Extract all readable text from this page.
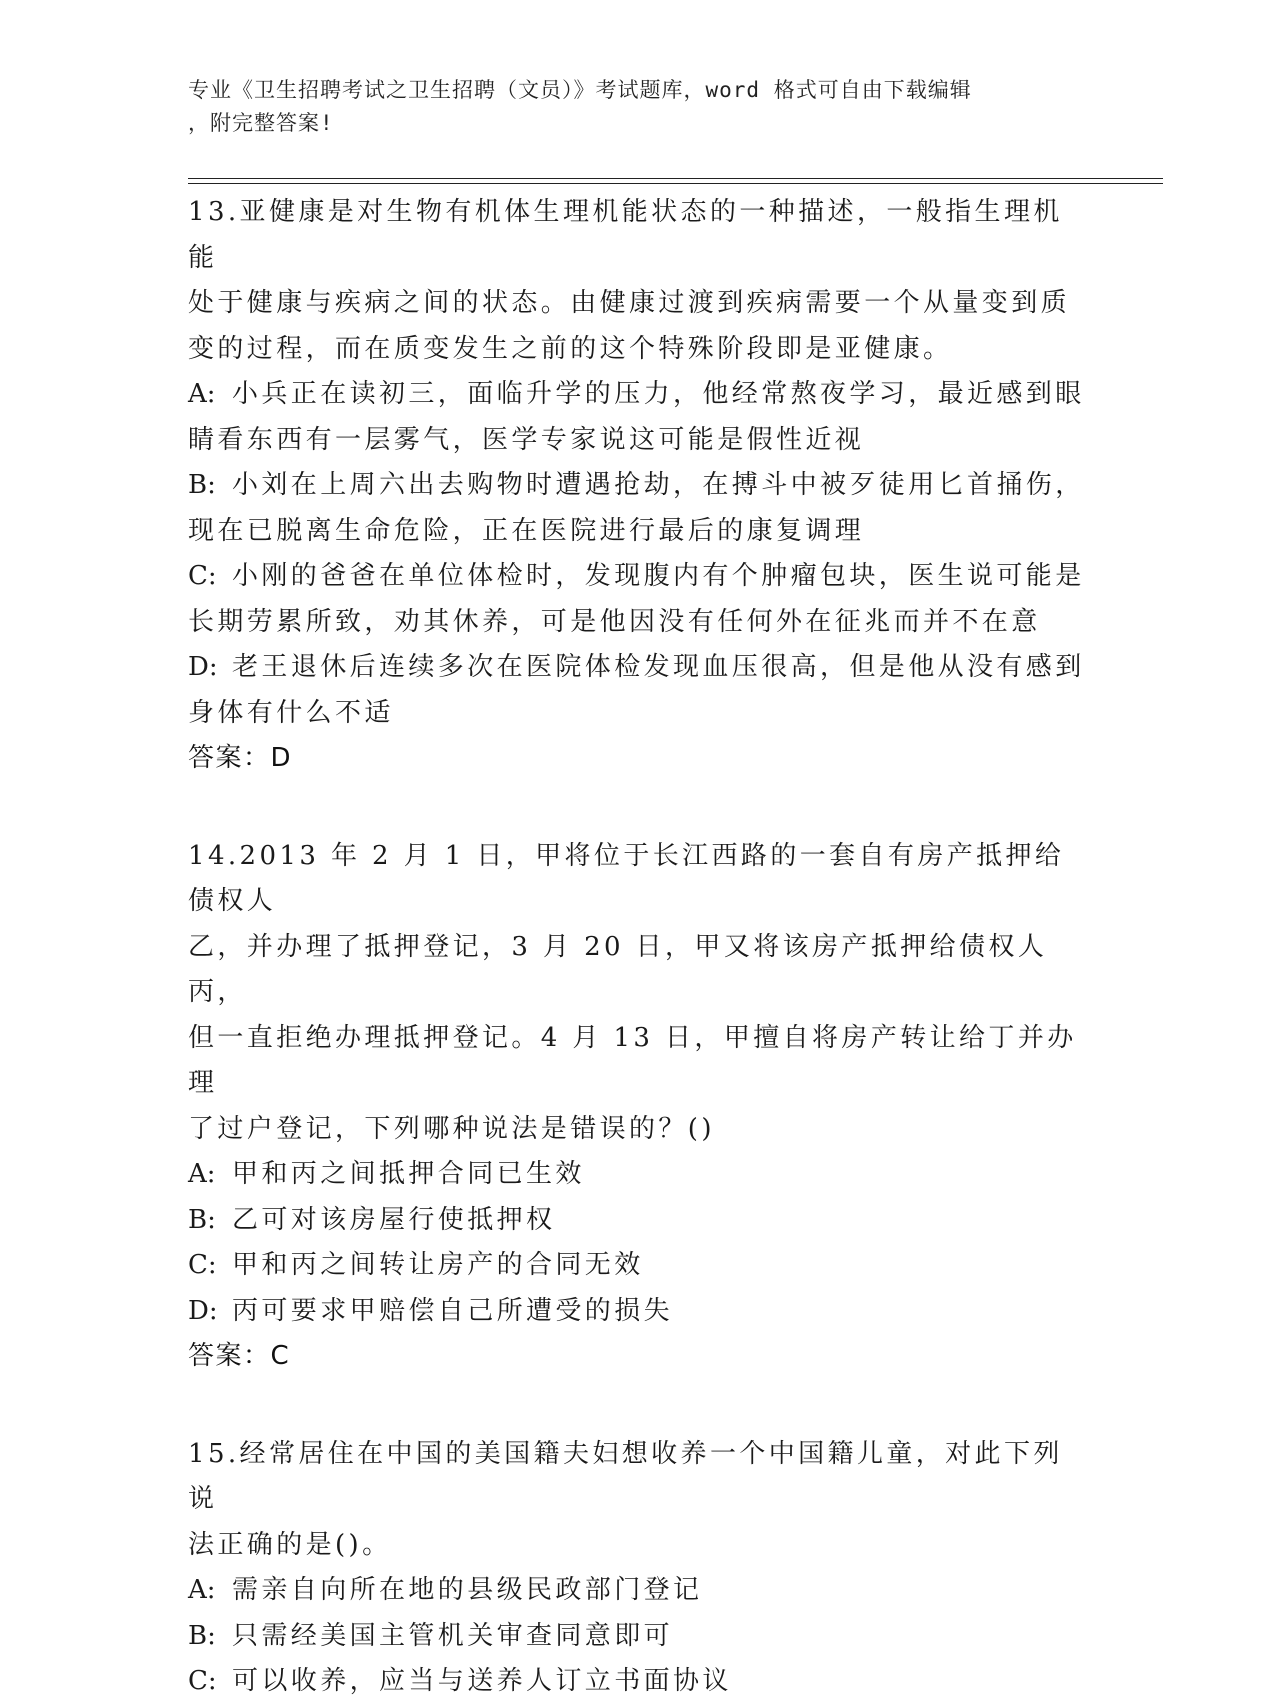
专业《卫生招聘考试之卫生招聘（文员）》考试题库，word 格式可自由下载编辑
，附完整答案!
13.亚健康是对生物有机体生理机能状态的一种描述，一般指生理机能
处于健康与疾病之间的状态。由健康过渡到疾病需要一个从量变到质
变的过程，而在质变发生之前的这个特殊阶段即是亚健康。
A: 小兵正在读初三，面临升学的压力，他经常熬夜学习，最近感到眼
睛看东西有一层雾气，医学专家说这可能是假性近视
B: 小刘在上周六出去购物时遭遇抢劫，在搏斗中被歹徒用匕首捅伤，
现在已脱离生命危险，正在医院进行最后的康复调理
C: 小刚的爸爸在单位体检时，发现腹内有个肿瘤包块，医生说可能是
长期劳累所致，劝其休养，可是他因没有任何外在征兆而并不在意
D: 老王退休后连续多次在医院体检发现血压很高，但是他从没有感到
身体有什么不适
答案：D
14.2013 年 2 月 1 日，甲将位于长江西路的一套自有房产抵押给债权人
乙，并办理了抵押登记，3 月 20 日，甲又将该房产抵押给债权人丙，
但一直拒绝办理抵押登记。4 月 13 日，甲擅自将房产转让给丁并办理
了过户登记，下列哪种说法是错误的？()
A: 甲和丙之间抵押合同已生效
B: 乙可对该房屋行使抵押权
C: 甲和丙之间转让房产的合同无效
D: 丙可要求甲赔偿自己所遭受的损失
答案：C
15.经常居住在中国的美国籍夫妇想收养一个中国籍儿童，对此下列说
法正确的是()。
A: 需亲自向所在地的县级民政部门登记
B: 只需经美国主管机关审查同意即可
C: 可以收养，应当与送养人订立书面协议
